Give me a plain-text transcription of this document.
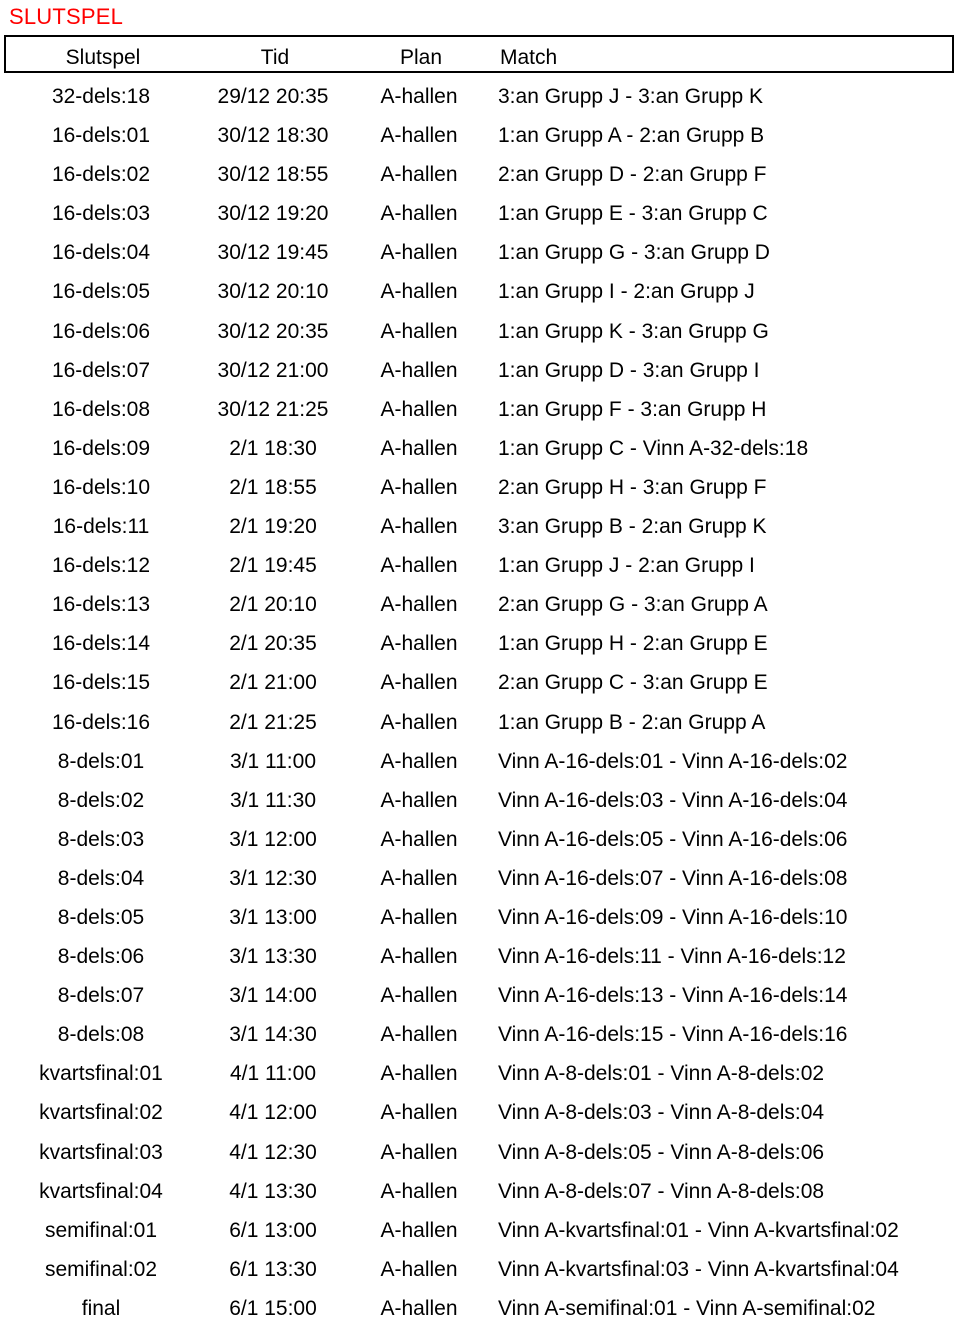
SLUTSPEL
Slutspel	Tid	Plan	Match
32-dels:18	29/12 20:35	A-hallen	3:an Grupp J - 3:an Grupp K
16-dels:01	30/12 18:30	A-hallen	1:an Grupp A - 2:an Grupp B
16-dels:02	30/12 18:55	A-hallen	2:an Grupp D - 2:an Grupp F
16-dels:03	30/12 19:20	A-hallen	1:an Grupp E - 3:an Grupp C
16-dels:04	30/12 19:45	A-hallen	1:an Grupp G - 3:an Grupp D
16-dels:05	30/12 20:10	A-hallen	1:an Grupp I - 2:an Grupp J
16-dels:06	30/12 20:35	A-hallen	1:an Grupp K - 3:an Grupp G
16-dels:07	30/12 21:00	A-hallen	1:an Grupp D - 3:an Grupp I
16-dels:08	30/12 21:25	A-hallen	1:an Grupp F - 3:an Grupp H
16-dels:09	2/1 18:30	A-hallen	1:an Grupp C - Vinn A-32-dels:18
16-dels:10	2/1 18:55	A-hallen	2:an Grupp H - 3:an Grupp F
16-dels:11	2/1 19:20	A-hallen	3:an Grupp B - 2:an Grupp K
16-dels:12	2/1 19:45	A-hallen	1:an Grupp J - 2:an Grupp I
16-dels:13	2/1 20:10	A-hallen	2:an Grupp G - 3:an Grupp A
16-dels:14	2/1 20:35	A-hallen	1:an Grupp H - 2:an Grupp E
16-dels:15	2/1 21:00	A-hallen	2:an Grupp C - 3:an Grupp E
16-dels:16	2/1 21:25	A-hallen	1:an Grupp B - 2:an Grupp A
8-dels:01	3/1 11:00	A-hallen	Vinn A-16-dels:01 - Vinn A-16-dels:02
8-dels:02	3/1 11:30	A-hallen	Vinn A-16-dels:03 - Vinn A-16-dels:04
8-dels:03	3/1 12:00	A-hallen	Vinn A-16-dels:05 - Vinn A-16-dels:06
8-dels:04	3/1 12:30	A-hallen	Vinn A-16-dels:07 - Vinn A-16-dels:08
8-dels:05	3/1 13:00	A-hallen	Vinn A-16-dels:09 - Vinn A-16-dels:10
8-dels:06	3/1 13:30	A-hallen	Vinn A-16-dels:11 - Vinn A-16-dels:12
8-dels:07	3/1 14:00	A-hallen	Vinn A-16-dels:13 - Vinn A-16-dels:14
8-dels:08	3/1 14:30	A-hallen	Vinn A-16-dels:15 - Vinn A-16-dels:16
kvartsfinal:01	4/1 11:00	A-hallen	Vinn A-8-dels:01 - Vinn A-8-dels:02
kvartsfinal:02	4/1 12:00	A-hallen	Vinn A-8-dels:03 - Vinn A-8-dels:04
kvartsfinal:03	4/1 12:30	A-hallen	Vinn A-8-dels:05 - Vinn A-8-dels:06
kvartsfinal:04	4/1 13:30	A-hallen	Vinn A-8-dels:07 - Vinn A-8-dels:08
semifinal:01	6/1 13:00	A-hallen	Vinn A-kvartsfinal:01 - Vinn A-kvartsfinal:02
semifinal:02	6/1 13:30	A-hallen	Vinn A-kvartsfinal:03 - Vinn A-kvartsfinal:04
final	6/1 15:00	A-hallen	Vinn A-semifinal:01 - Vinn A-semifinal:02
